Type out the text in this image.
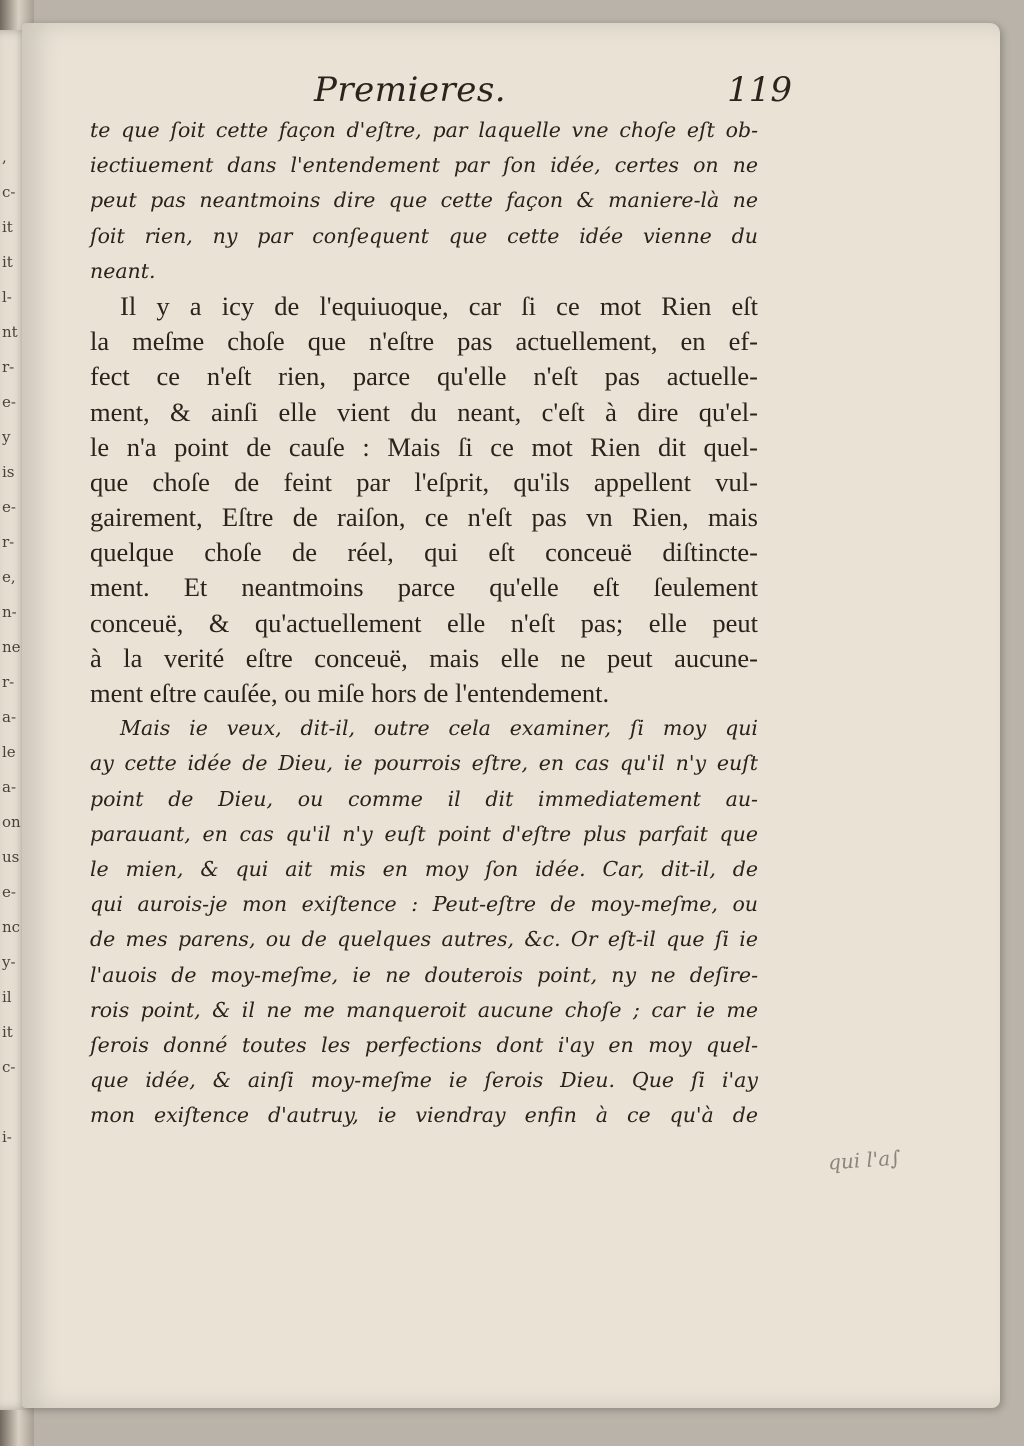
,
c-
it
it
l-
nt
r-
e-
y
is
e-
r-
e,
n-
ne
r-
a-
le
a-
on
us
e-
nc
y-
il
it
c-

i-
Premieres.	119
te que ſoit cette façon d'eſtre, par laquelle vne choſe eſt ob-
iectiuement dans l'entendement par ſon idée, certes on ne
peut pas neantmoins dire que cette façon & maniere-là ne
ſoit rien, ny par conſequent que cette idée vienne du
neant.
Il y a icy de l'equiuoque, car ſi ce mot Rien eſt
la meſme choſe que n'eſtre pas actuellement, en ef-
fect ce n'eſt rien, parce qu'elle n'eſt pas actuelle-
ment, & ainſi elle vient du neant, c'eſt à dire qu'el-
le n'a point de cauſe : Mais ſi ce mot Rien dit quel-
que choſe de feint par l'eſprit, qu'ils appellent vul-
gairement, Eſtre de raiſon, ce n'eſt pas vn Rien, mais
quelque choſe de réel, qui eſt conceuë diſtinctе-
ment. Et neantmoins parce qu'elle eſt ſeulement
conceuë, & qu'actuellement elle n'eſt pas; elle peut
à la verité eſtre conceuë, mais elle ne peut aucune-
ment eſtre cauſée, ou miſe hors de l'entendement.
Mais ie veux, dit-il, outre cela examiner, ſi moy qui
ay cette idée de Dieu, ie pourrois eſtre, en cas qu'il n'y euſt
point de Dieu, ou comme il dit immediatement au-
parauant, en cas qu'il n'y euſt point d'eſtre plus parfait que
le mien, & qui ait mis en moy ſon idée. Car, dit-il, de
qui aurois-je mon exiſtence : Peut-eſtre de moy-meſme, ou
de mes parens, ou de quelques autres, &c. Or eſt-il que ſi ie
l'auois de moy-meſme, ie ne douterois point, ny ne deſire-
rois point, & il ne me manqueroit aucune choſe ; car ie me
ſerois donné toutes les perfections dont i'ay en moy quel-
que idée, & ainſi moy-meſme ie ſerois Dieu. Que ſi i'ay
mon exiſtence d'autruy, ie viendray enfin à ce qu'à de
qui l'a∫
